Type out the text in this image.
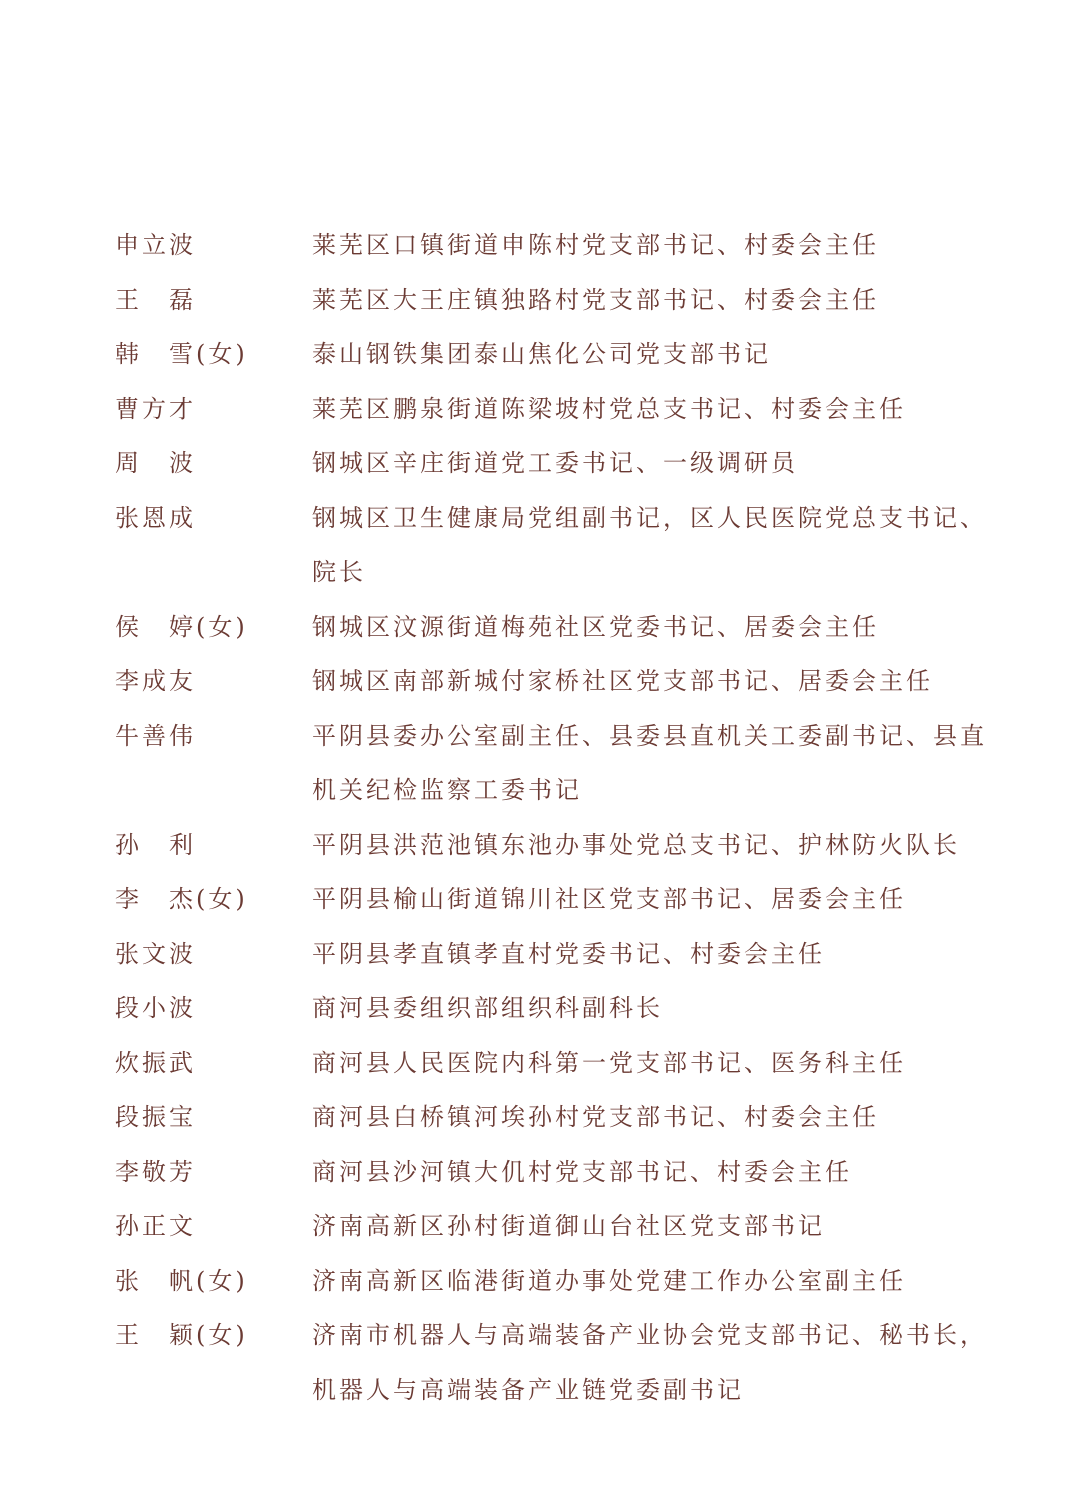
申立波	莱芜区口镇街道申陈村党支部书记、村委会主任
王　磊	莱芜区大王庄镇独路村党支部书记、村委会主任
韩　雪(女)	泰山钢铁集团泰山焦化公司党支部书记
曹方才	莱芜区鹏泉街道陈梁坡村党总支书记、村委会主任
周　波	钢城区辛庄街道党工委书记、一级调研员
张恩成	钢城区卫生健康局党组副书记，区人民医院党总支书记、院长
侯　婷(女)	钢城区汶源街道梅苑社区党委书记、居委会主任
李成友	钢城区南部新城付家桥社区党支部书记、居委会主任
牛善伟	平阴县委办公室副主任、县委县直机关工委副书记、县直机关纪检监察工委书记
孙　利	平阴县洪范池镇东池办事处党总支书记、护林防火队长
李　杰(女)	平阴县榆山街道锦川社区党支部书记、居委会主任
张文波	平阴县孝直镇孝直村党委书记、村委会主任
段小波	商河县委组织部组织科副科长
炊振武	商河县人民医院内科第一党支部书记、医务科主任
段振宝	商河县白桥镇河埃孙村党支部书记、村委会主任
李敬芳	商河县沙河镇大仉村党支部书记、村委会主任
孙正文	济南高新区孙村街道御山台社区党支部书记
张　帆(女)	济南高新区临港街道办事处党建工作办公室副主任
王　颖(女)	济南市机器人与高端装备产业协会党支部书记、秘书长，机器人与高端装备产业链党委副书记
